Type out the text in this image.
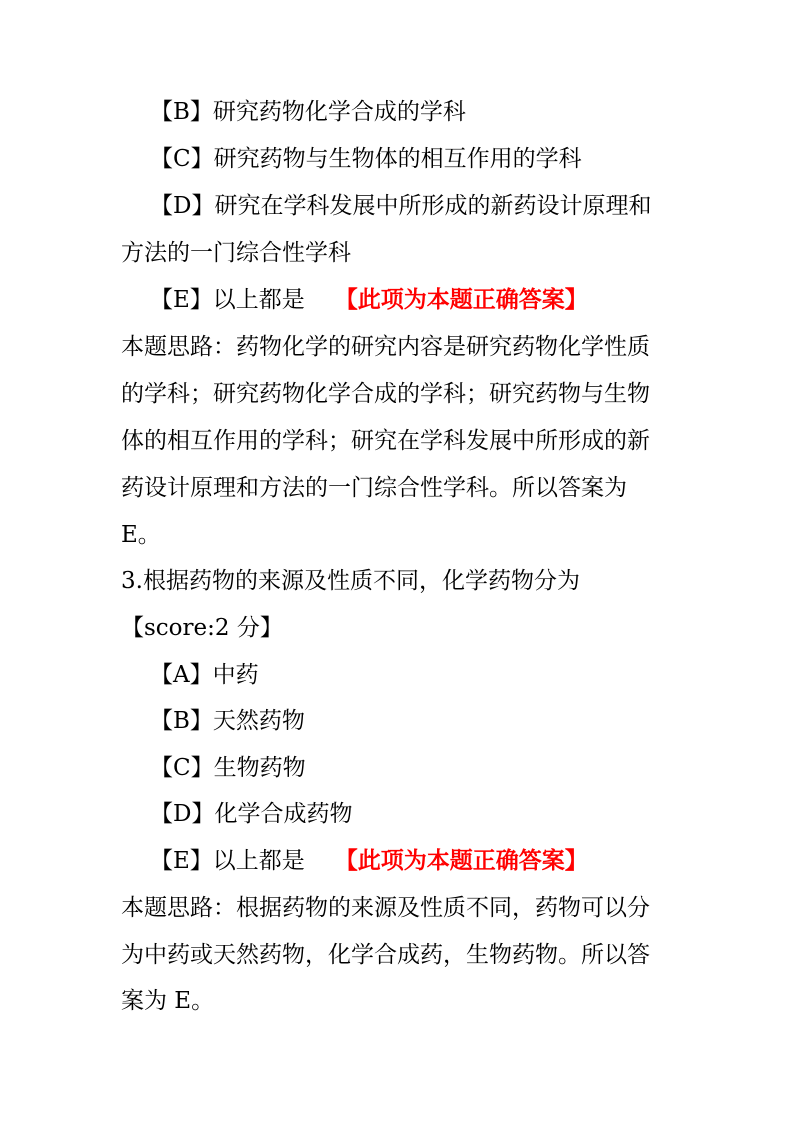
【B】研究药物化学合成的学科
【C】研究药物与生物体的相互作用的学科
【D】研究在学科发展中所形成的新药设计原理和
方法的一门综合性学科
【E】以上都是 【此项为本题正确答案】
本题思路：药物化学的研究内容是研究药物化学性质
的学科；研究药物化学合成的学科；研究药物与生物
体的相互作用的学科；研究在学科发展中所形成的新
药设计原理和方法的一门综合性学科。所以答案为
E。
3.根据药物的来源及性质不同，化学药物分为
【score:2 分】
【A】中药
【B】天然药物
【C】生物药物
【D】化学合成药物
【E】以上都是 【此项为本题正确答案】
本题思路：根据药物的来源及性质不同，药物可以分
为中药或天然药物，化学合成药，生物药物。所以答
案为 E。
